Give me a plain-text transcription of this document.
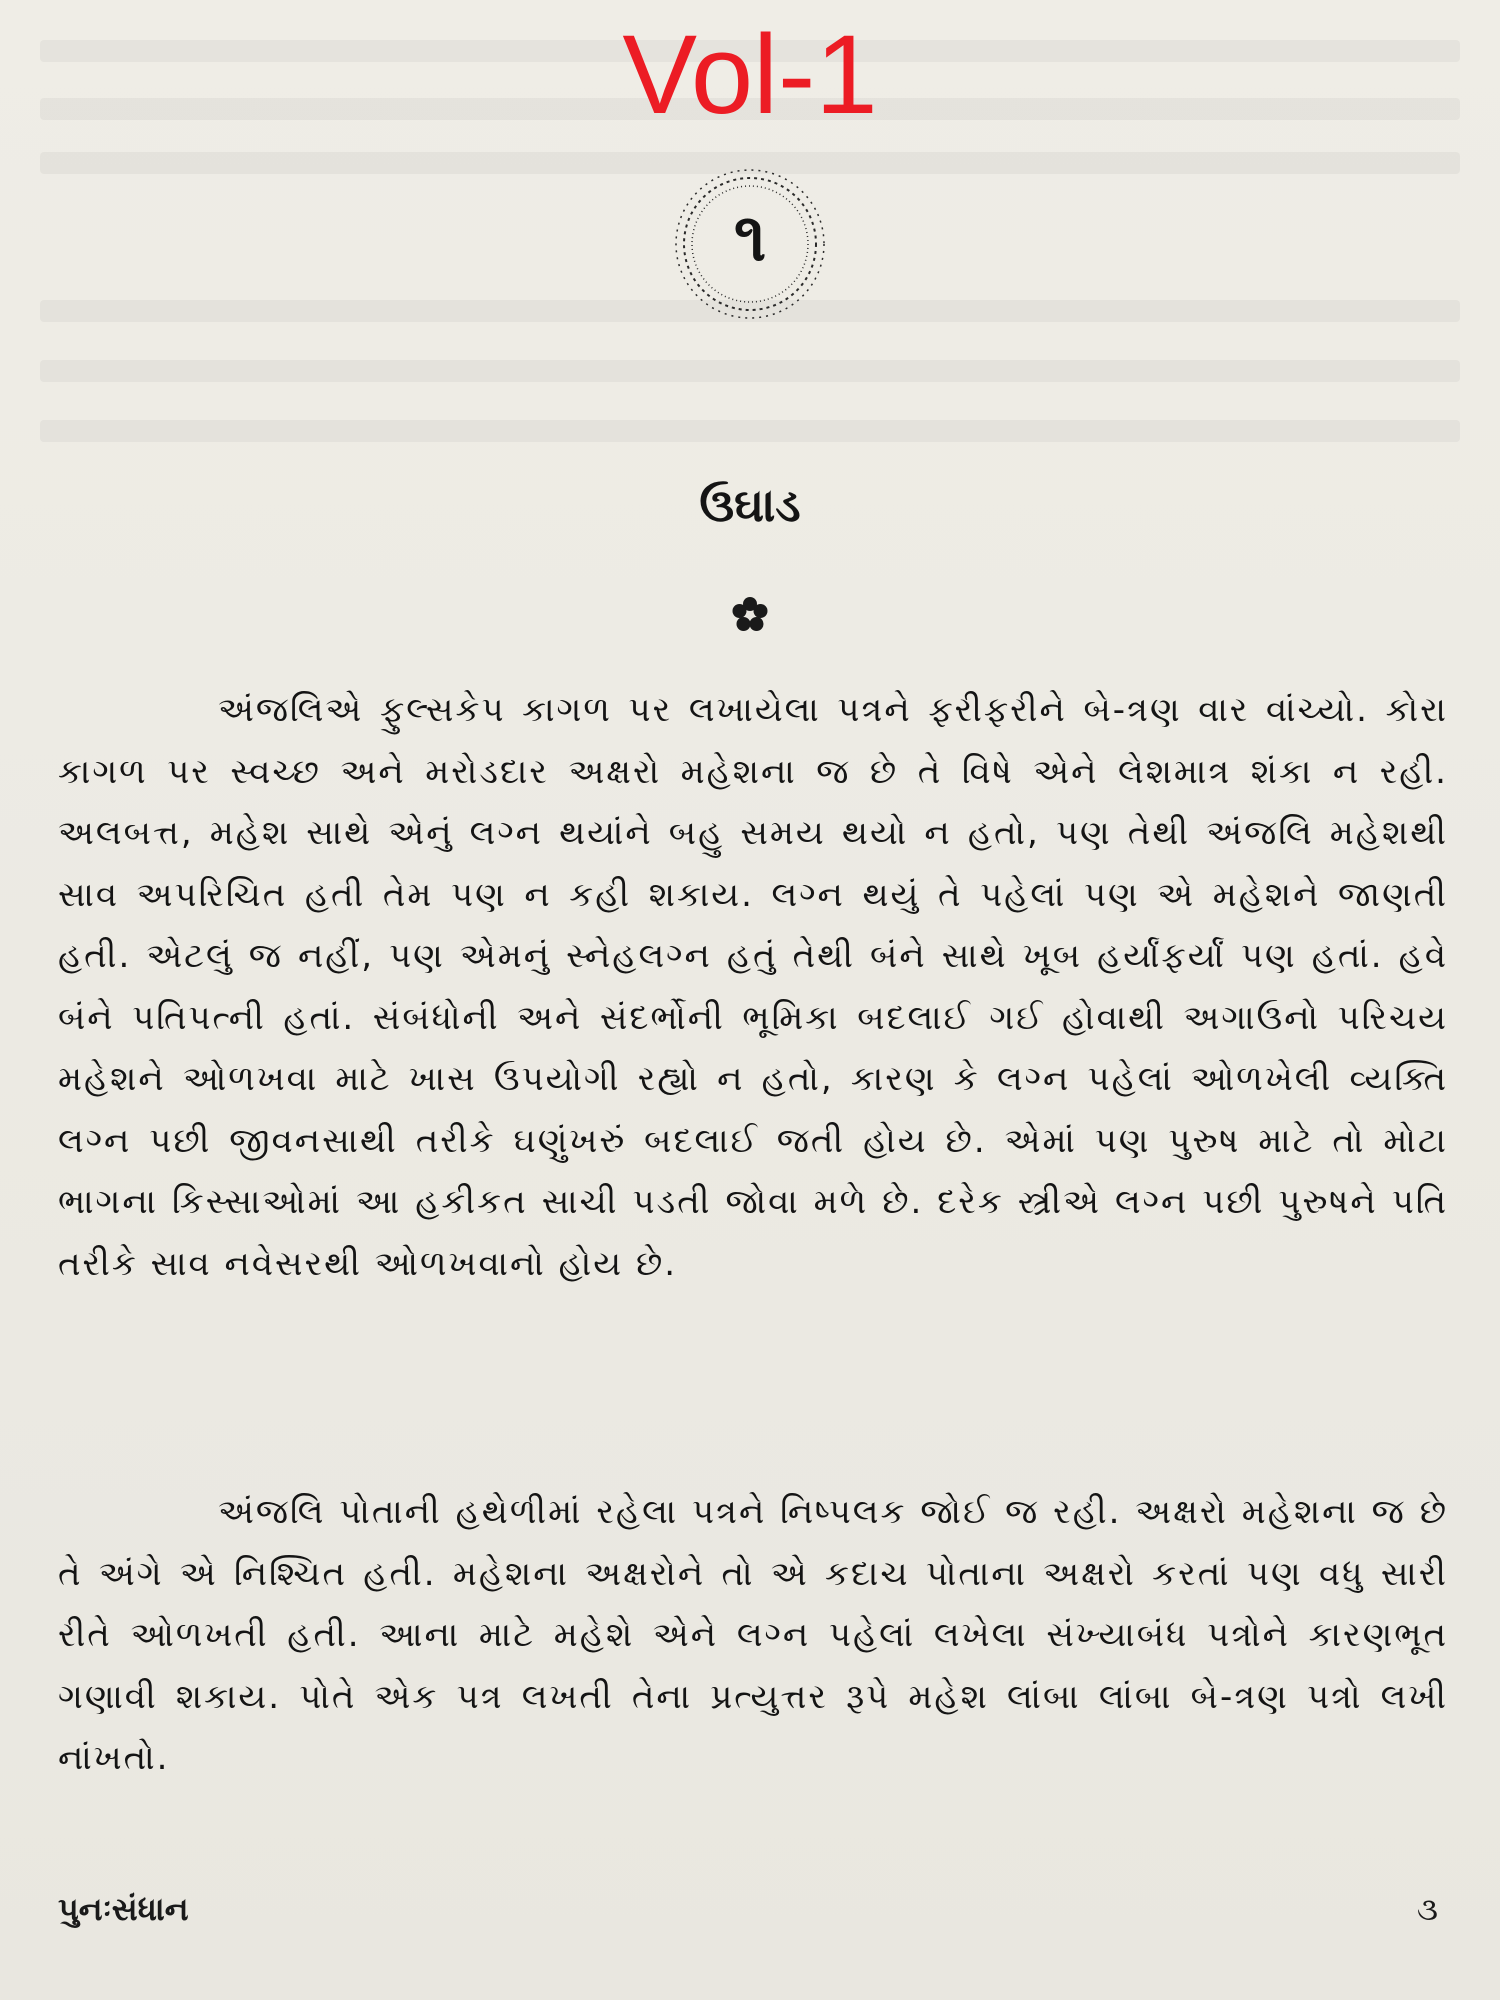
Vol-1
૧
ઉઘાડ

અંજલિએ ફુલ્સકેપ કાગળ પર લખાયેલા પત્રને ફરીફરીને બે-ત્રણ વાર વાંચ્યો. કોરા કાગળ પર સ્વચ્છ અને મરોડદાર અક્ષરો મહેશના જ છે તે વિષે એને લેશમાત્ર શંકા ન રહી. અલબત્ત, મહેશ સાથે એનું લગ્ન થયાંને બહુ સમય થયો ન હતો, પણ તેથી અંજલિ મહેશથી સાવ અપરિચિત હતી તેમ પણ ન કહી શકાય. લગ્ન થયું તે પહેલાં પણ એ મહેશને જાણતી હતી. એટલું જ નહીં, પણ એમનું સ્નેહલગ્ન હતું તેથી બંને સાથે ખૂબ હર્યાંફર્યાં પણ હતાં. હવે બંને પતિપત્ની હતાં. સંબંધોની અને સંદર્ભોની ભૂમિકા બદલાઈ ગઈ હોવાથી અગાઉનો પરિચય મહેશને ઓળખવા માટે ખાસ ઉપયોગી રહ્યો ન હતો, કારણ કે લગ્ન પહેલાં ઓળખેલી વ્યક્તિ લગ્ન પછી જીવનસાથી તરીકે ઘણુંખરું બદલાઈ જતી હોય છે. એમાં પણ પુરુષ માટે તો મોટા ભાગના કિસ્સાઓમાં આ હકીકત સાચી પડતી જોવા મળે છે. દરેક સ્ત્રીએ લગ્ન પછી પુરુષને પતિ તરીકે સાવ નવેસરથી ઓળખવાનો હોય છે.

અંજલિ પોતાની હથેળીમાં રહેલા પત્રને નિષ્પલક જોઈ જ રહી. અક્ષરો મહેશના જ છે તે અંગે એ નિશ્ચિત હતી. મહેશના અક્ષરોને તો એ કદાચ પોતાના અક્ષરો કરતાં પણ વધુ સારી રીતે ઓળખતી હતી. આના માટે મહેશે એને લગ્ન પહેલાં લખેલા સંખ્યાબંધ પત્રોને કારણભૂત ગણાવી શકાય. પોતે એક પત્ર લખતી તેના પ્રત્યુત્તર રૂપે મહેશ લાંબા લાંબા બે-ત્રણ પત્રો લખી નાંખતો.

પુનઃસંધાન	૩
